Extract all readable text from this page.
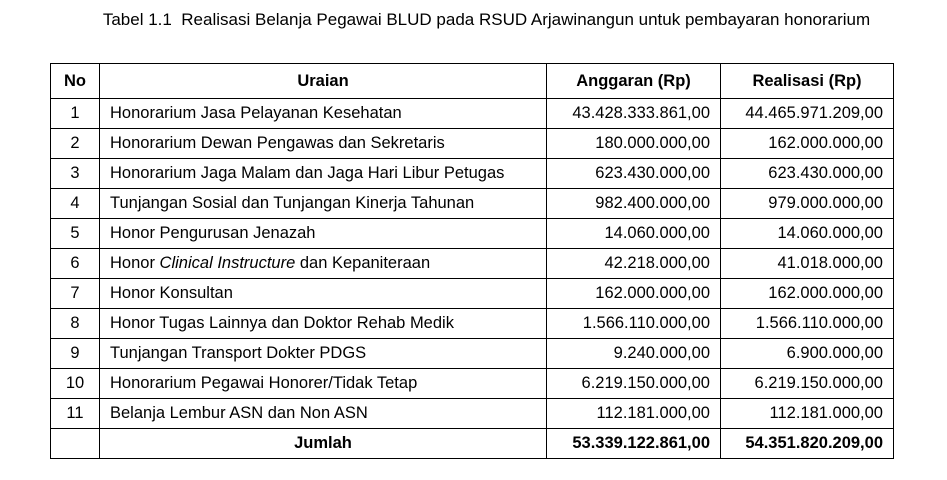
Tabel 1.1 Realisasi Belanja Pegawai BLUD pada RSUD Arjawinangun untuk pembayaran honorarium
No	Uraian	Anggaran (Rp)	Realisasi (Rp)
1	Honorarium Jasa Pelayanan Kesehatan	43.428.333.861,00	44.465.971.209,00
2	Honorarium Dewan Pengawas dan Sekretaris	180.000.000,00	162.000.000,00
3	Honorarium Jaga Malam dan Jaga Hari Libur Petugas	623.430.000,00	623.430.000,00
4	Tunjangan Sosial dan Tunjangan Kinerja Tahunan	982.400.000,00	979.000.000,00
5	Honor Pengurusan Jenazah	14.060.000,00	14.060.000,00
6	Honor Clinical Instructure dan Kepaniteraan	42.218.000,00	41.018.000,00
7	Honor Konsultan	162.000.000,00	162.000.000,00
8	Honor Tugas Lainnya dan Doktor Rehab Medik	1.566.110.000,00	1.566.110.000,00
9	Tunjangan Transport Dokter PDGS	9.240.000,00	6.900.000,00
10	Honorarium Pegawai Honorer/Tidak Tetap	6.219.150.000,00	6.219.150.000,00
11	Belanja Lembur ASN dan Non ASN	112.181.000,00	112.181.000,00
	Jumlah	53.339.122.861,00	54.351.820.209,00
